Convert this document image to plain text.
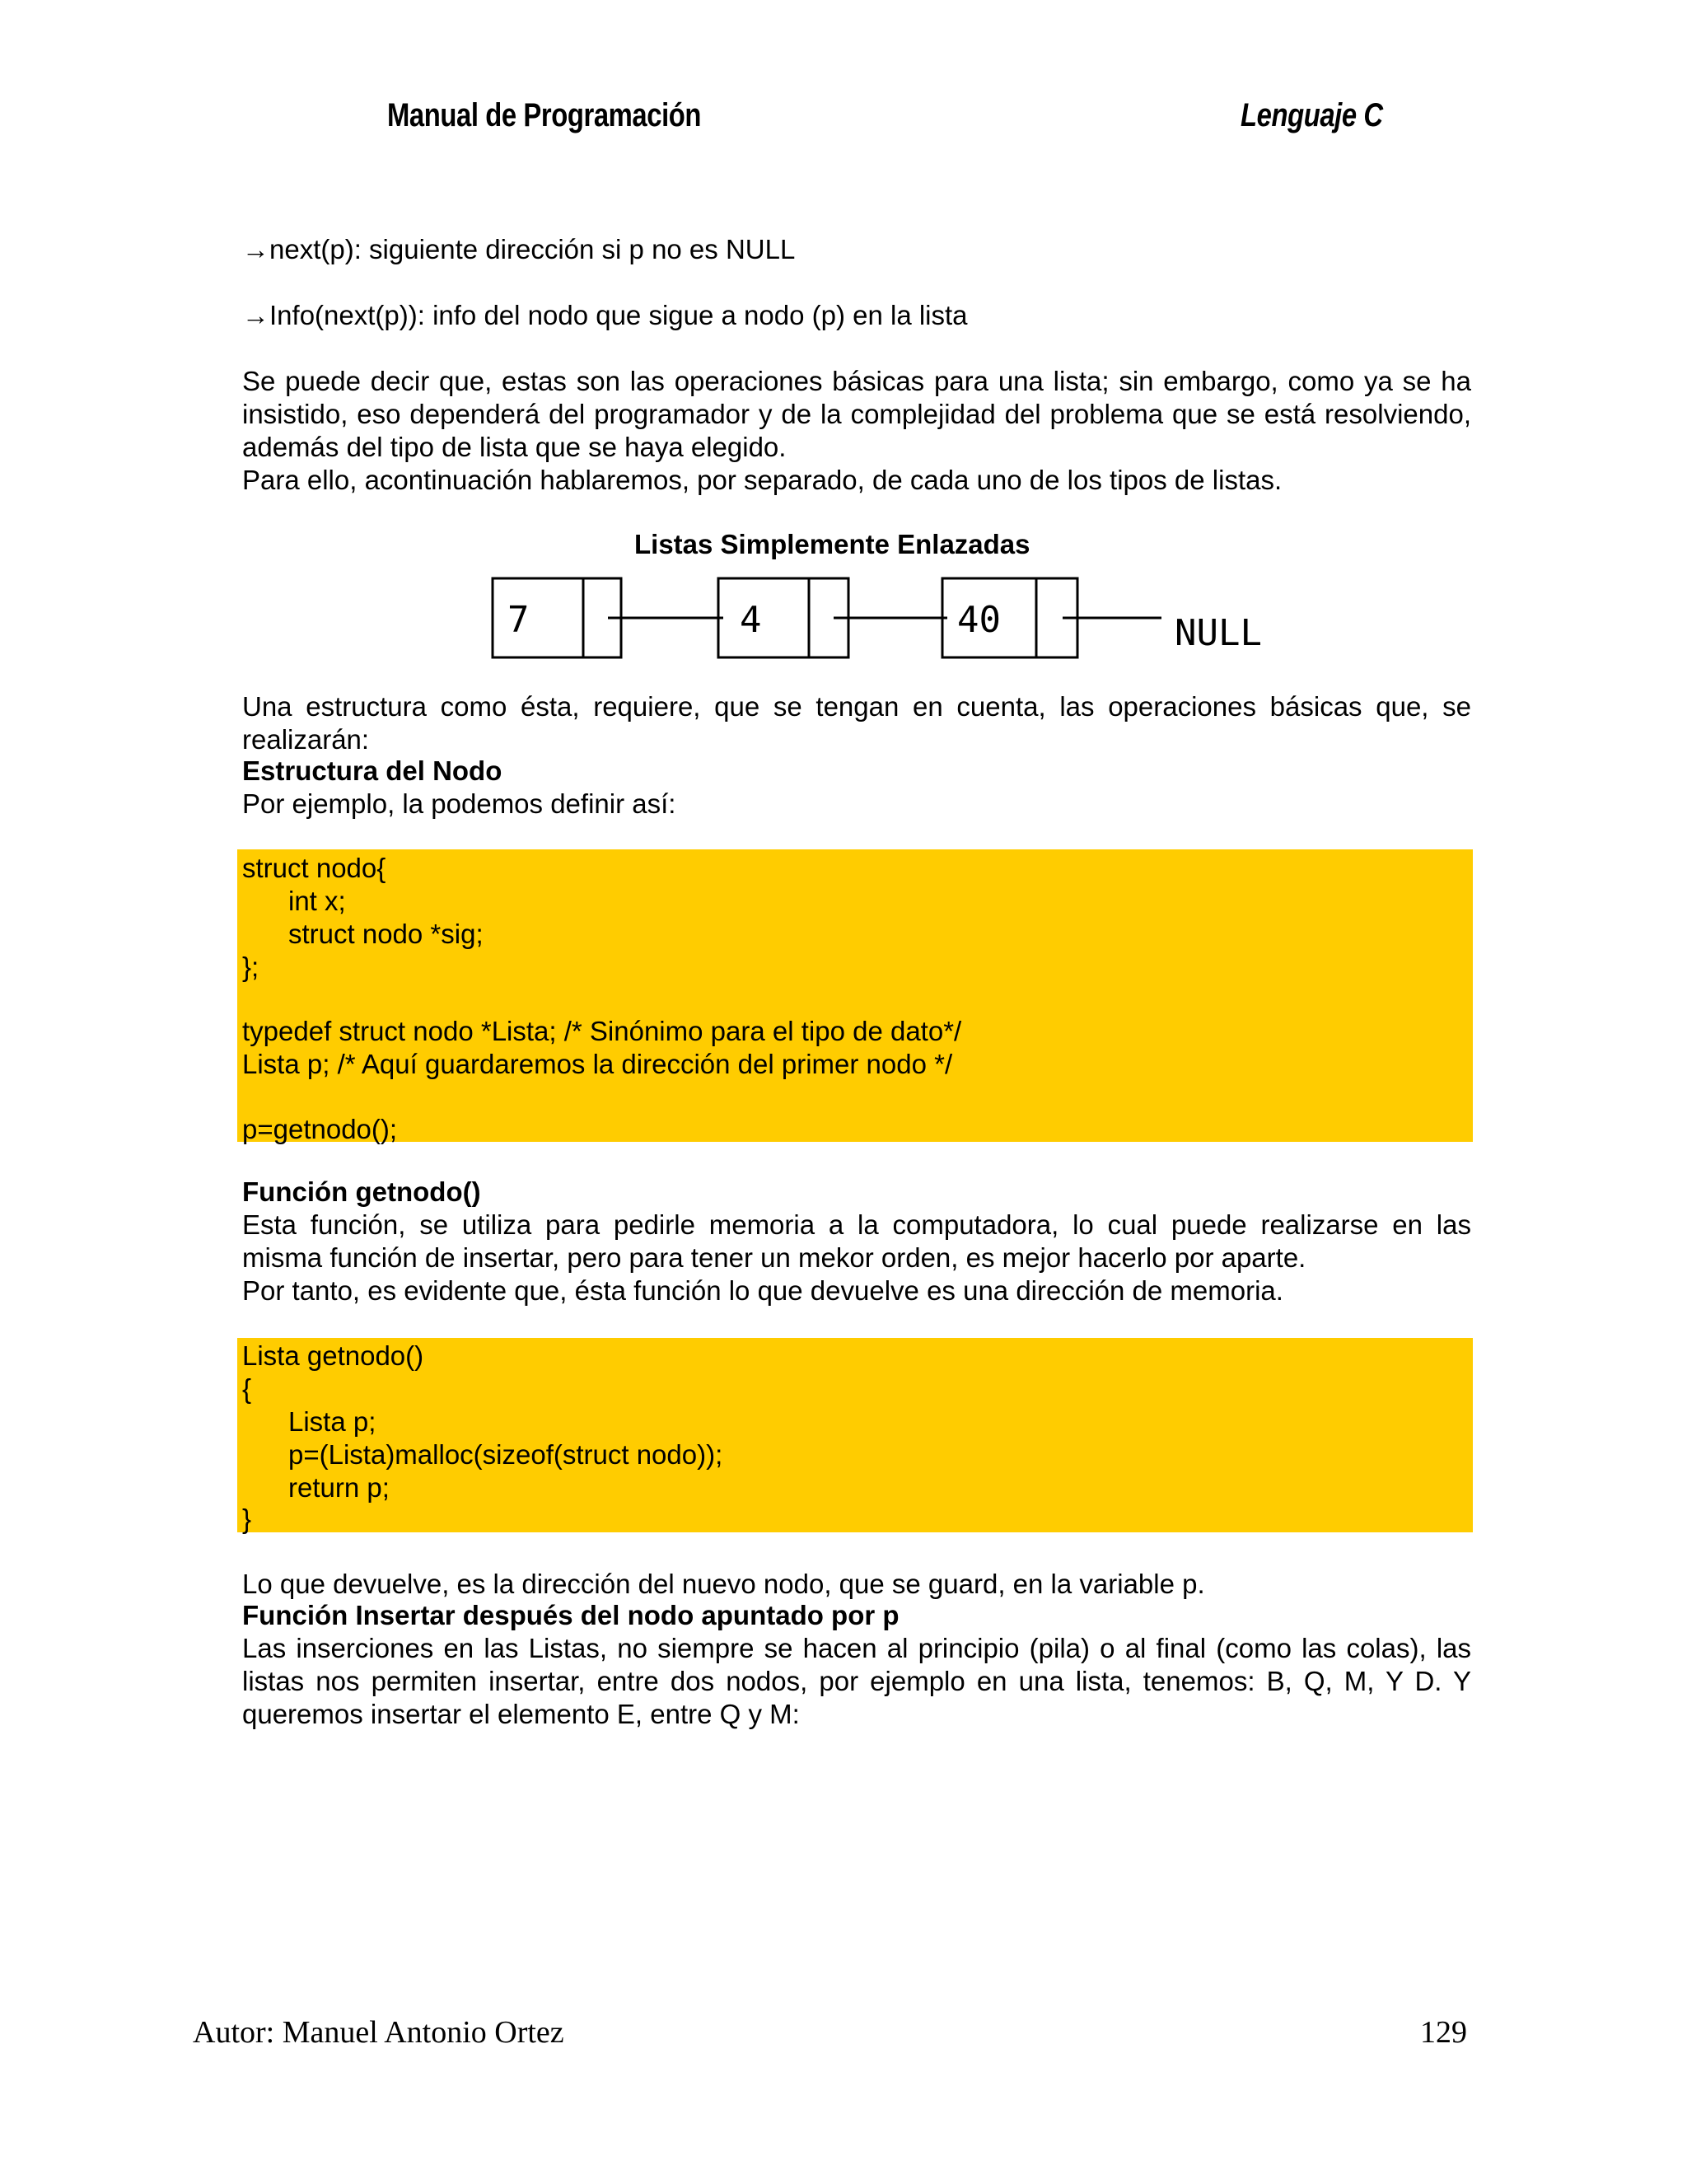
Manual de Programación	Lenguaje C
→next(p): siguiente dirección si p no es NULL
→Info(next(p)): info del nodo que sigue a nodo (p) en la lista
Se puede decir que, estas son las operaciones básicas para una lista; sin embargo, como ya se ha
insistido, eso dependerá del programador y de la complejidad del problema que se está resolviendo,
además del tipo de lista que se haya elegido.
Para ello, acontinuación hablaremos, por separado, de cada uno de los tipos de listas.
Listas Simplemente Enlazadas
7	4	40	NULL
Una estructura como ésta, requiere, que se tengan en cuenta, las operaciones básicas que, se
realizarán:
Estructura del Nodo
Por ejemplo, la podemos definir así:
struct nodo{
int x;
struct nodo *sig;
};
typedef struct nodo *Lista; /* Sinónimo para el tipo de dato*/
Lista p; /* Aquí guardaremos la dirección del primer nodo */
p=getnodo();
Función getnodo()
Esta función, se utiliza para pedirle memoria a la computadora, lo cual puede realizarse en las
misma función de insertar, pero para tener un mekor orden, es mejor hacerlo por aparte.
Por tanto, es evidente que, ésta función lo que devuelve es una dirección de memoria.
Lista getnodo()
{
Lista p;
p=(Lista)malloc(sizeof(struct nodo));
return p;
}
Lo que devuelve, es la dirección del nuevo nodo, que se guard, en la variable p.
Función Insertar después del nodo apuntado por p
Las inserciones en las Listas, no siempre se hacen al principio (pila) o al final (como las colas), las
listas nos permiten insertar, entre dos nodos, por ejemplo en una lista, tenemos: B, Q, M, Y D. Y
queremos insertar el elemento E, entre Q y M:
Autor: Manuel Antonio Ortez	129
